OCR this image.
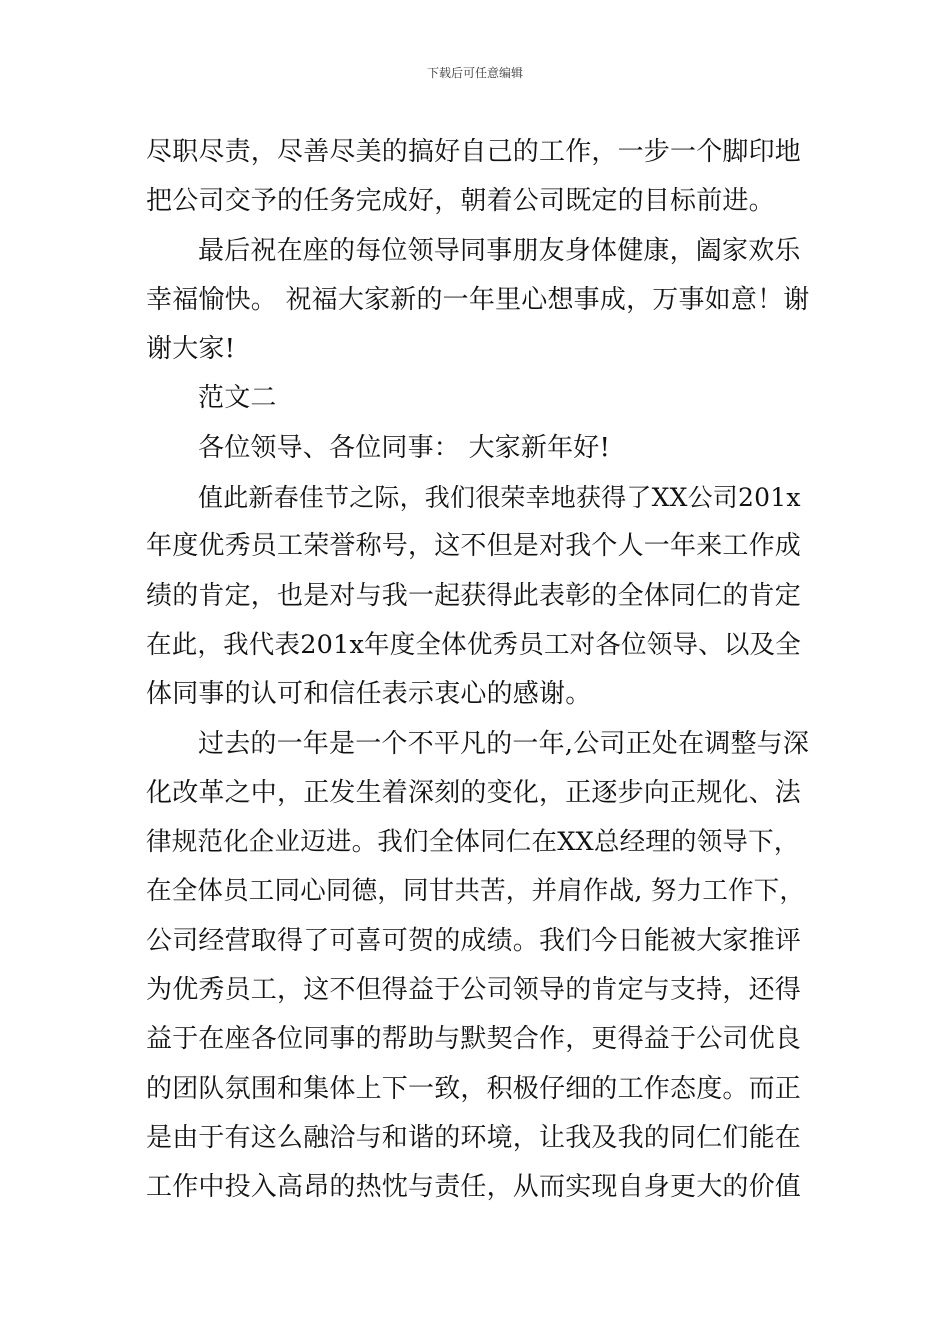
下载后可任意编辑
尽职尽责，尽善尽美的搞好自己的工作，一步一个脚印地
把公司交予的任务完成好，朝着公司既定的目标前进。
最后祝在座的每位领导同事朋友身体健康，阖家欢乐
幸福愉快。 祝福大家新的一年里心想事成，万事如意！谢
谢大家!
范文二
各位领导、各位同事： 大家新年好!
值此新春佳节之际，我们很荣幸地获得了XX公司201x
年度优秀员工荣誉称号，这不但是对我个人一年来工作成
绩的肯定，也是对与我一起获得此表彰的全体同仁的肯定
在此，我代表201x年度全体优秀员工对各位领导、以及全
体同事的认可和信任表示衷心的感谢。
过去的一年是一个不平凡的一年,公司正处在调整与深
化改革之中，正发生着深刻的变化，正逐步向正规化、法
律规范化企业迈进。我们全体同仁在XX总经理的领导下，
在全体员工同心同德，同甘共苦，并肩作战, 努力工作下，
公司经营取得了可喜可贺的成绩。我们今日能被大家推评
为优秀员工，这不但得益于公司领导的肯定与支持，还得
益于在座各位同事的帮助与默契合作，更得益于公司优良
的团队氛围和集体上下一致，积极仔细的工作态度。而正
是由于有这么融洽与和谐的环境，让我及我的同仁们能在
工作中投入高昂的热忱与责任，从而实现自身更大的价值
